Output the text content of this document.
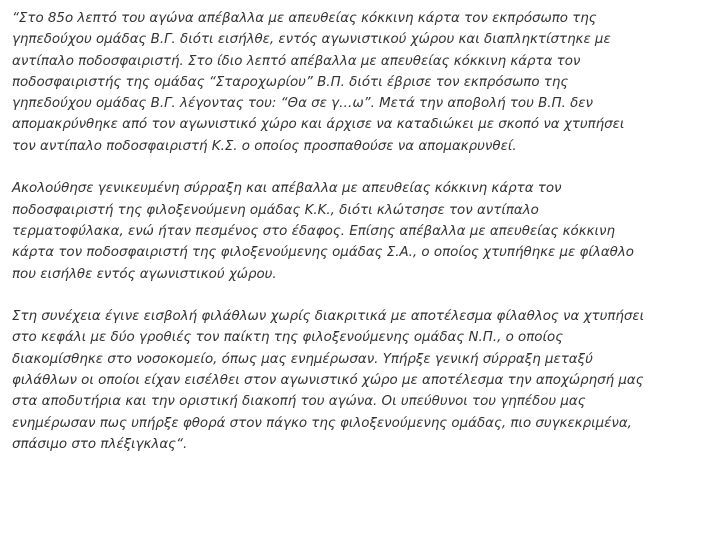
“Στο 85ο λεπτό του αγώνα απέβαλλα με απευθείας κόκκινη κάρτα τον εκπρόσωπο της
γηπεδούχου ομάδας Β.Γ. διότι εισήλθε, εντός αγωνιστικού χώρου και διαπληκτίστηκε με
αντίπαλο ποδοσφαιριστή. Στο ίδιο λεπτό απέβαλλα με απευθείας κόκκινη κάρτα τον
ποδοσφαιριστής της ομάδας “Σταροχωρίου” Β.Π. διότι έβρισε τον εκπρόσωπο της
γηπεδούχου ομάδας Β.Γ. λέγοντας του: “Θα σε γ…ω”. Μετά την αποβολή του Β.Π. δεν
απομακρύνθηκε από τον αγωνιστικό χώρο και άρχισε να καταδιώκει με σκοπό να χτυπήσει
τον αντίπαλο ποδοσφαιριστή Κ.Σ. ο οποίος προσπαθούσε να απομακρυνθεί.

Ακολούθησε γενικευμένη σύρραξη και απέβαλλα με απευθείας κόκκινη κάρτα τον
ποδοσφαιριστή της φιλοξενούμενη ομάδας Κ.Κ., διότι κλώτσησε τον αντίπαλο
τερματοφύλακα, ενώ ήταν πεσμένος στο έδαφος. Επίσης απέβαλλα με απευθείας κόκκινη
κάρτα τον ποδοσφαιριστή της φιλοξενούμενης ομάδας Σ.Α., ο οποίος χτυπήθηκε με φίλαθλο
που εισήλθε εντός αγωνιστικού χώρου.

Στη συνέχεια έγινε εισβολή φιλάθλων χωρίς διακριτικά με αποτέλεσμα φίλαθλος να χτυπήσει
στο κεφάλι με δύο γροθιές τον παίκτη της φιλοξενούμενης ομάδας Ν.Π., ο οποίος
διακομίσθηκε στο νοσοκομείο, όπως μας ενημέρωσαν. Υπήρξε γενική σύρραξη μεταξύ
φιλάθλων οι οποίοι είχαν εισέλθει στον αγωνιστικό χώρο με αποτέλεσμα την αποχώρησή μας
στα αποδυτήρια και την οριστική διακοπή του αγώνα. Οι υπεύθυνοι του γηπέδου μας
ενημέρωσαν πως υπήρξε φθορά στον πάγκο της φιλοξενούμενης ομάδας, πιο συγκεκριμένα,
σπάσιμο στο πλέξιγκλας“.
